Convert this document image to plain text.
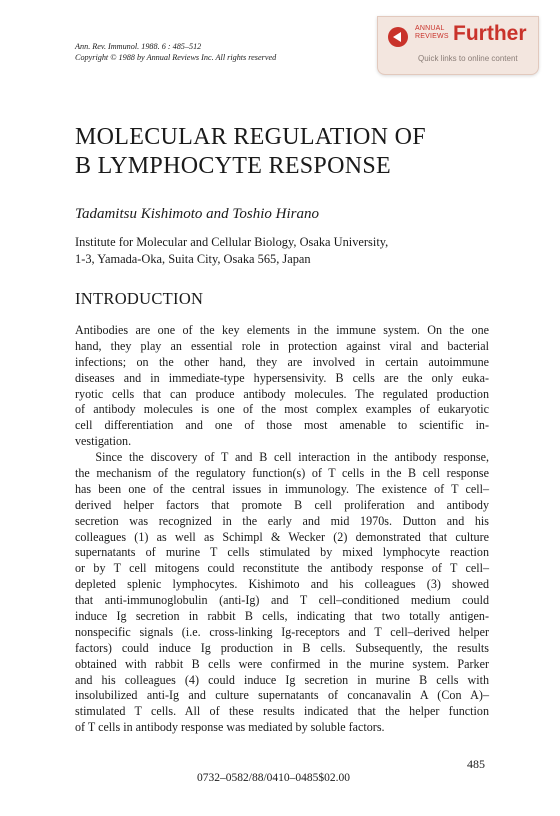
Ann. Rev. Immunol. 1988. 6 : 485–512
Copyright © 1988 by Annual Reviews Inc. All rights reserved
ANNUAL
REVIEWS Further
Quick links to online content
MOLECULAR REGULATION OF
B LYMPHOCYTE RESPONSE
Tadamitsu Kishimoto and Toshio Hirano
Institute for Molecular and Cellular Biology, Osaka University,
1-3, Yamada-Oka, Suita City, Osaka 565, Japan
INTRODUCTION
Antibodies are one of the key elements in the immune system. On the one
hand, they play an essential role in protection against viral and bacterial
infections; on the other hand, they are involved in certain autoimmune
diseases and in immediate-type hypersensivity. B cells are the only euka-
ryotic cells that can produce antibody molecules. The regulated production
of antibody molecules is one of the most complex examples of eukaryotic
cell differentiation and one of those most amenable to scientific in-
vestigation.
Since the discovery of T and B cell interaction in the antibody response,
the mechanism of the regulatory function(s) of T cells in the B cell response
has been one of the central issues in immunology. The existence of T cell–
derived helper factors that promote B cell proliferation and antibody
secretion was recognized in the early and mid 1970s. Dutton and his
colleagues (1) as well as Schimpl & Wecker (2) demonstrated that culture
supernatants of murine T cells stimulated by mixed lymphocyte reaction
or by T cell mitogens could reconstitute the antibody response of T cell–
depleted splenic lymphocytes. Kishimoto and his colleagues (3) showed
that anti-immunoglobulin (anti-Ig) and T cell–conditioned medium could
induce Ig secretion in rabbit B cells, indicating that two totally antigen-
nonspecific signals (i.e. cross-linking Ig-receptors and T cell–derived helper
factors) could induce Ig production in B cells. Subsequently, the results
obtained with rabbit B cells were confirmed in the murine system. Parker
and his colleagues (4) could induce Ig secretion in murine B cells with
insolubilized anti-Ig and culture supernatants of concanavalin A (Con A)–
stimulated T cells. All of these results indicated that the helper function
of T cells in antibody response was mediated by soluble factors.
485
0732–0582/88/0410–0485$02.00
